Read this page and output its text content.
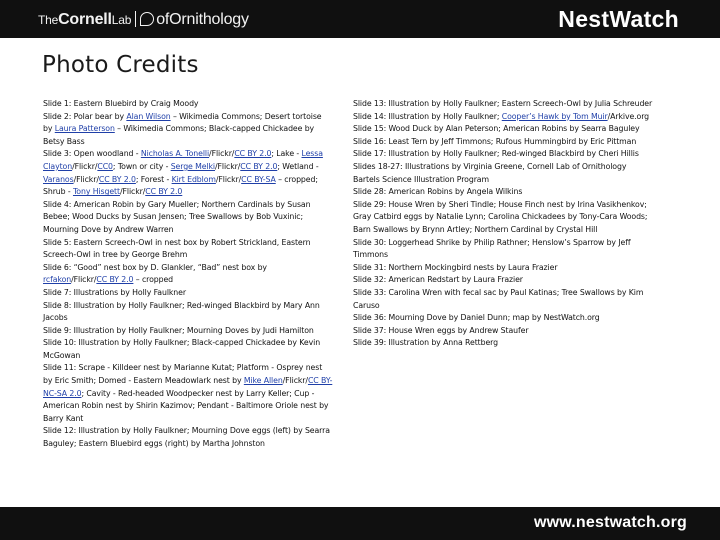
TheCornellLab ofOrnithology	NestWatch
Photo Credits

Slide 1: Eastern Bluebird by Craig Moody

Slide 2: Polar bear by Alan Wilson – Wikimedia Commons; Desert tortoise by Laura Patterson – Wikimedia Commons; Black-capped Chickadee by Betsy Bass

Slide 3: Open woodland - Nicholas A. Tonelli/Flickr/CC BY 2.0; Lake - Lessa Clayton/Flickr/CC0; Town or city - Serge Melki/Flickr/CC BY 2.0; Wetland - Varanos/Flickr/CC BY 2.0; Forest - Kirt Edblom/Flickr/CC BY-SA – cropped; Shrub - Tony Hisgett/Flickr/CC BY 2.0

Slide 4: American Robin by Gary Mueller; Northern Cardinals by Susan Bebee; Wood Ducks by Susan Jensen; Tree Swallows by Bob Vuxinic; Mourning Dove by Andrew Warren

Slide 5: Eastern Screech-Owl in nest box by Robert Strickland, Eastern Screech-Owl in tree by George Brehm

Slide 6: “Good” nest box by D. Glankler, “Bad” nest box by rcfakon/Flickr/CC BY 2.0 – cropped

Slide 7: Illustrations by Holly Faulkner

Slide 8: Illustration by Holly Faulkner; Red-winged Blackbird by Mary Ann Jacobs

Slide 9: Illustration by Holly Faulkner; Mourning Doves by Judi Hamilton

Slide 10: Illustration by Holly Faulkner; Black-capped Chickadee by Kevin McGowan

Slide 11: Scrape - Killdeer nest by Marianne Kutat; Platform - Osprey nest by Eric Smith; Domed - Eastern Meadowlark nest by Mike Allen/Flickr/CC BY-NC-SA 2.0; Cavity - Red-headed Woodpecker nest by Larry Keller; Cup - American Robin nest by Shirin Kazimov; Pendant - Baltimore Oriole nest by Barry Kant

Slide 12: Illustration by Holly Faulkner; Mourning Dove eggs (left) by Searra Baguley; Eastern Bluebird eggs (right) by Martha Johnston

Slide 13: Illustration by Holly Faulkner; Eastern Screech-Owl by Julia Schreuder

Slide 14: Illustration by Holly Faulkner; Cooper’s Hawk by Tom Muir/Arkive.org

Slide 15: Wood Duck by Alan Peterson; American Robins by Searra Baguley

Slide 16: Least Tern by Jeff Timmons; Rufous Hummingbird by Eric Pittman

Slide 17: Illustration by Holly Faulkner; Red-winged Blackbird by Cheri Hillis

Slides 18-27: Illustrations by Virginia Greene, Cornell Lab of Ornithology Bartels Science Illustration Program

Slide 28: American Robins by Angela Wilkins

Slide 29: House Wren by Sheri Tindle; House Finch nest by Irina Vasikhenkov; Gray Catbird eggs by Natalie Lynn; Carolina Chickadees by Tony-Cara Woods; Barn Swallows by Brynn Artley; Northern Cardinal by Crystal Hill

Slide 30: Loggerhead Shrike by Philip Rathner; Henslow’s Sparrow by Jeff Timmons

Slide 31: Northern Mockingbird nests by Laura Frazier

Slide 32: American Redstart by Laura Frazier

Slide 33: Carolina Wren with fecal sac by Paul Katinas; Tree Swallows by Kim Caruso

Slide 36: Mourning Dove by Daniel Dunn; map by NestWatch.org

Slide 37: House Wren eggs by Andrew Staufer

Slide 39: Illustration by Anna Rettberg

www.nestwatch.org
